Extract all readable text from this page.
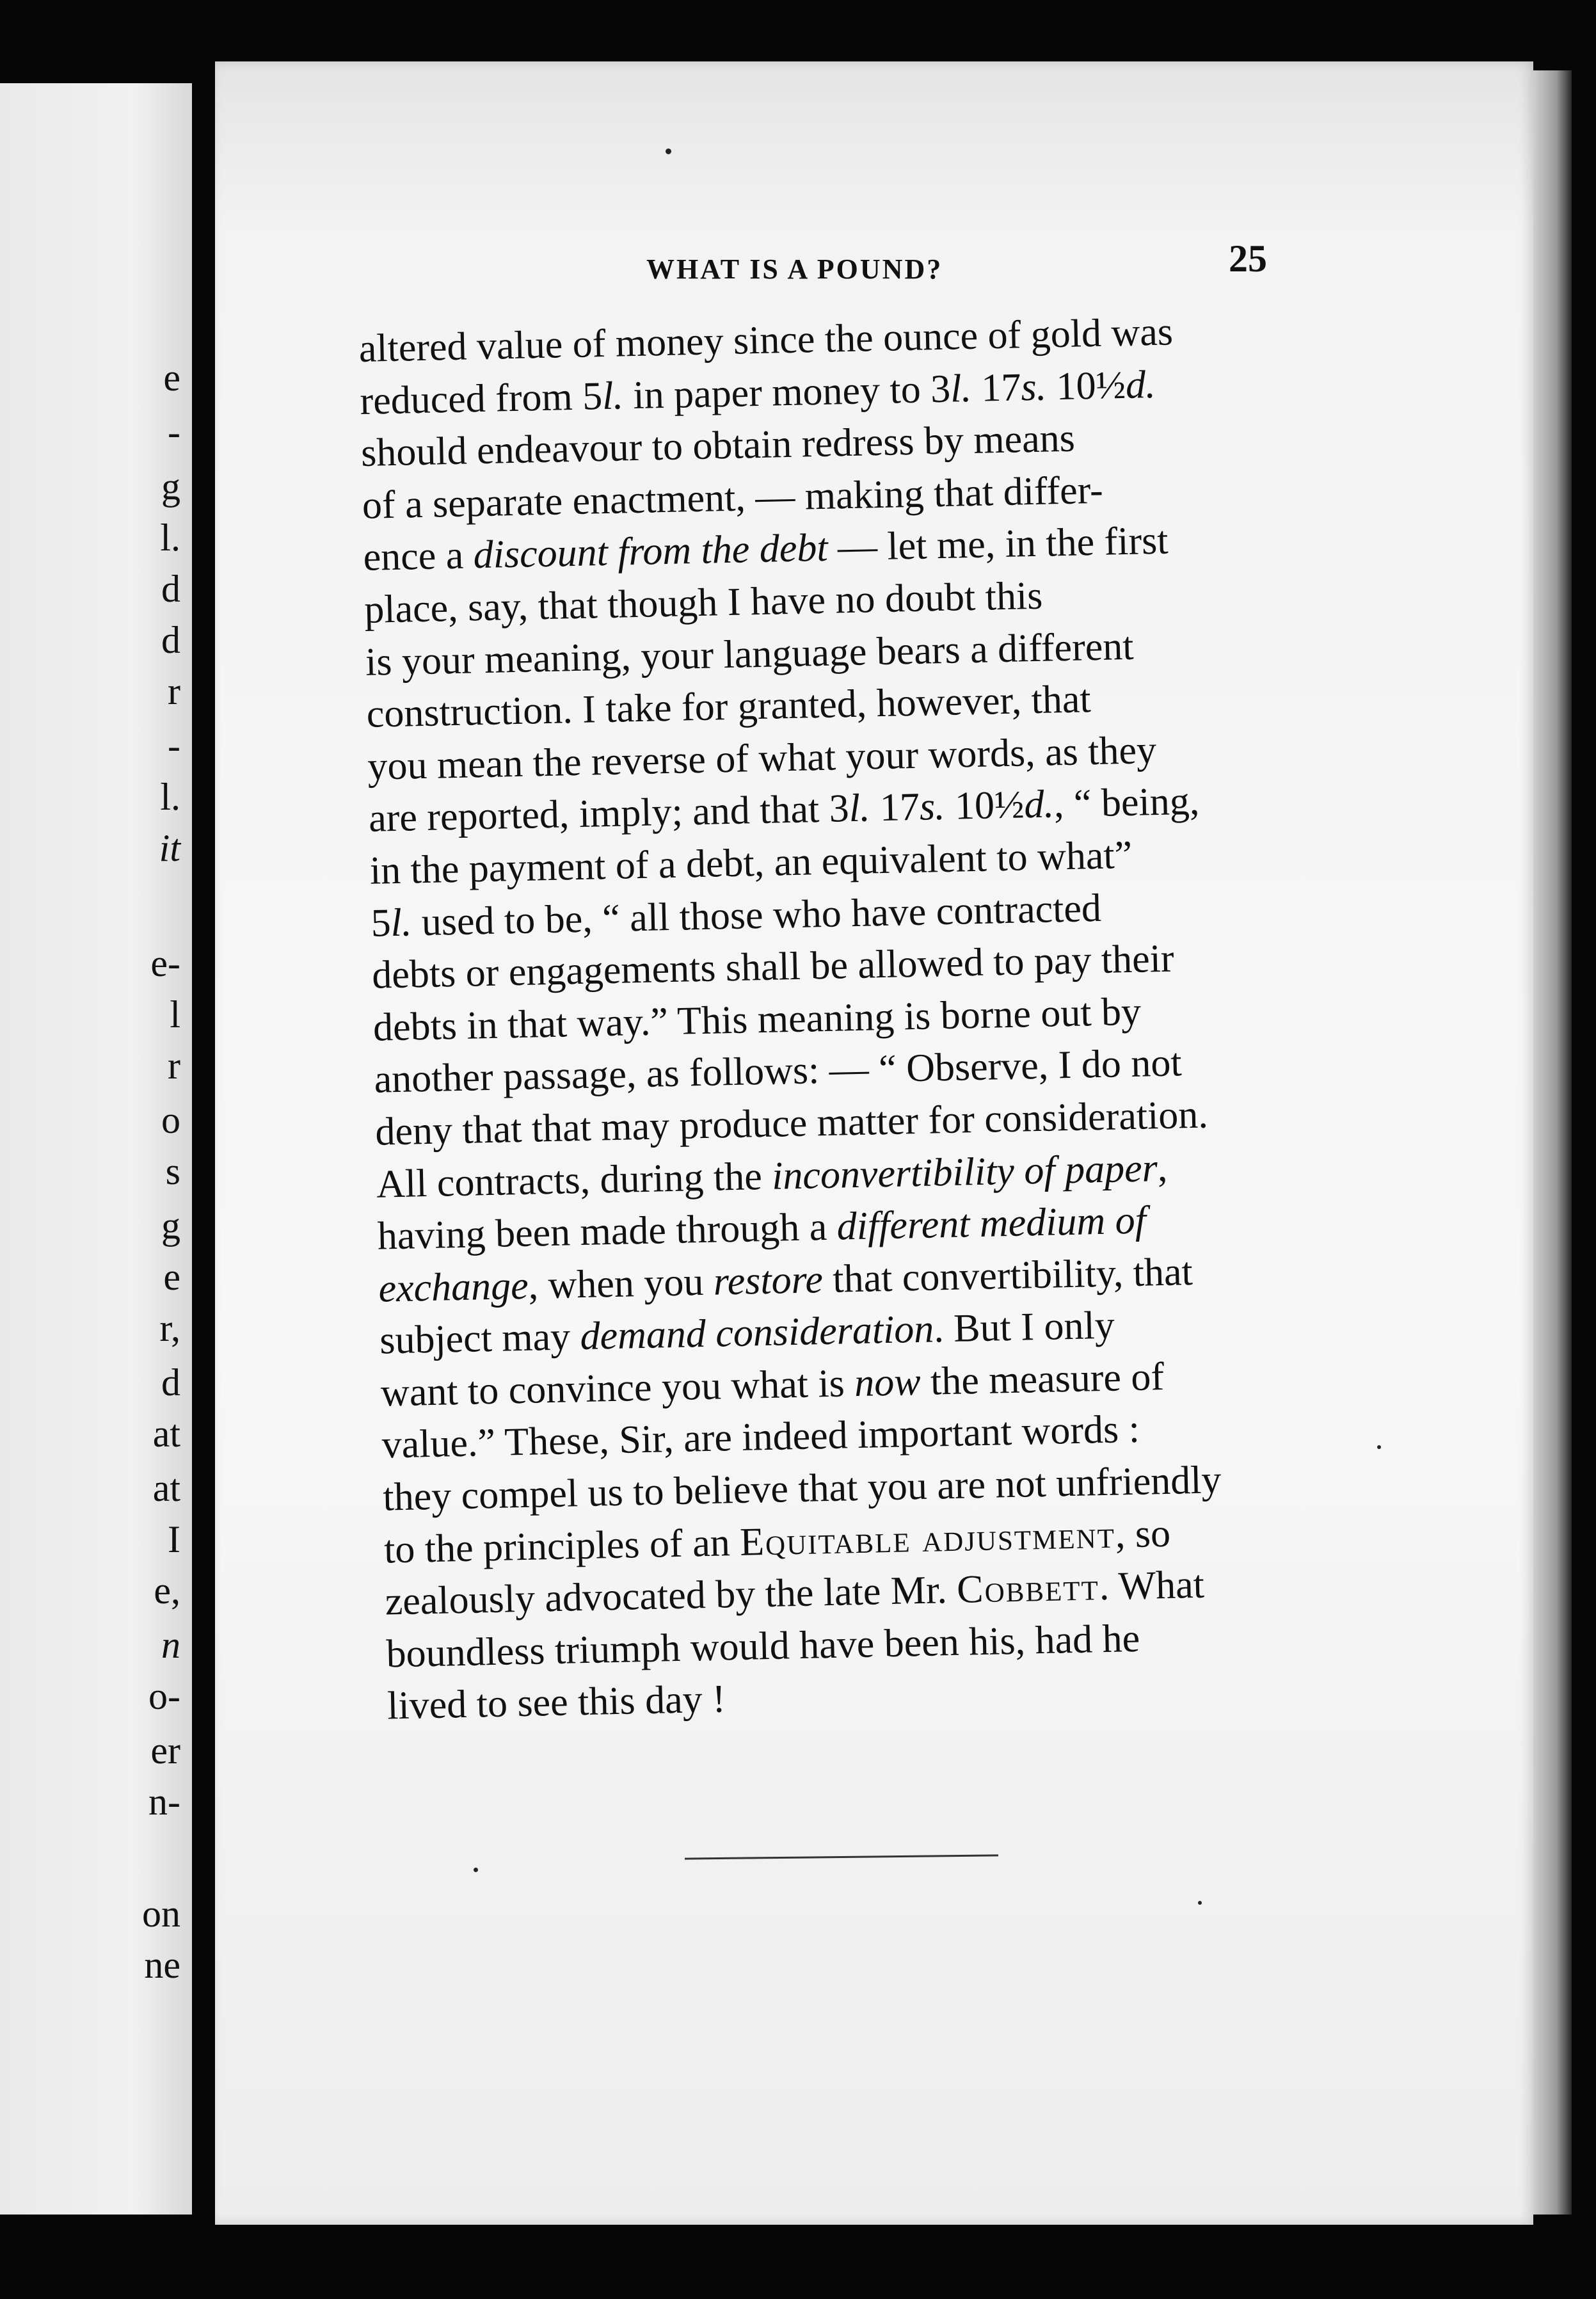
e
-
g
l.
d
d
r
-
l.
it
e-
l
r
o
s
g
e
r,
d
at
at
I
e,
n
o-
er
n-
on
ne
WHAT IS A POUND?	25
altered value of money since the ounce of gold was
reduced from 5l. in paper money to 3l. 17s. 10½d.
should endeavour to obtain redress by means
of a separate enactment, — making that differ-
ence a discount from the debt — let me, in the first
place, say, that though I have no doubt this
is your meaning, your language bears a different
construction. I take for granted, however, that
you mean the reverse of what your words, as they
are reported, imply; and that 3l. 17s. 10½d., “ being,
in the payment of a debt, an equivalent to what”
5l. used to be, “ all those who have contracted
debts or engagements shall be allowed to pay their
debts in that way.” This meaning is borne out by
another passage, as follows: — “ Observe, I do not
deny that that may produce matter for consideration.
All contracts, during the inconvertibility of paper,
having been made through a different medium of
exchange, when you restore that convertibility, that
subject may demand consideration. But I only
want to convince you what is now the measure of
value.” These, Sir, are indeed important words :
they compel us to believe that you are not unfriendly
to the principles of an Equitable adjustment, so
zealously advocated by the late Mr. Cobbett. What
boundless triumph would have been his, had he
lived to see this day !
